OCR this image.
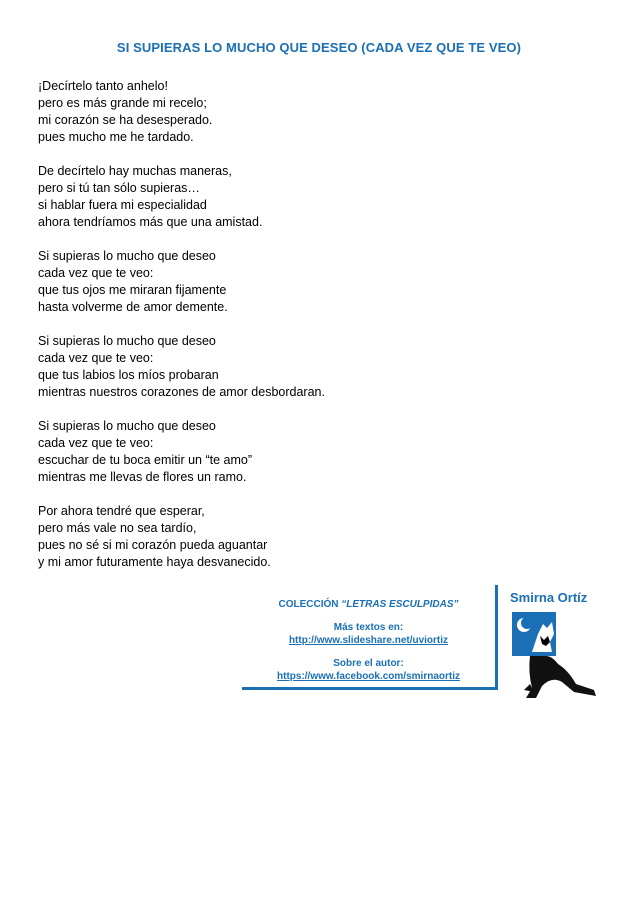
SI SUPIERAS LO MUCHO QUE DESEO (CADA VEZ QUE TE VEO)
¡Decírtelo tanto anhelo!
pero es más grande mi recelo;
mi corazón se ha desesperado.
pues mucho me he tardado.
De decírtelo hay muchas maneras,
pero si tú tan sólo supieras…
si hablar fuera mi especialidad
ahora tendríamos más que una amistad.
Si supieras lo mucho que deseo
cada vez que te veo:
que tus ojos me miraran fijamente
hasta volverme de amor demente.
Si supieras lo mucho que deseo
cada vez que te veo:
que tus labios los míos probaran
mientras nuestros corazones de amor desbordaran.
Si supieras lo mucho que deseo
cada vez que te veo:
escuchar de tu boca emitir un “te amo”
mientras me llevas de flores un ramo.
Por ahora tendré que esperar,
pero más vale no sea tardío,
pues no sé si mi corazón pueda aguantar
y mi amor futuramente haya desvanecido.
COLECCIÓN “LETRAS ESCULPIDAS”
Más textos en:
http://www.slideshare.net/uviortiz
Sobre el autor:
https://www.facebook.com/smirnaortiz
Smirna Ortíz
